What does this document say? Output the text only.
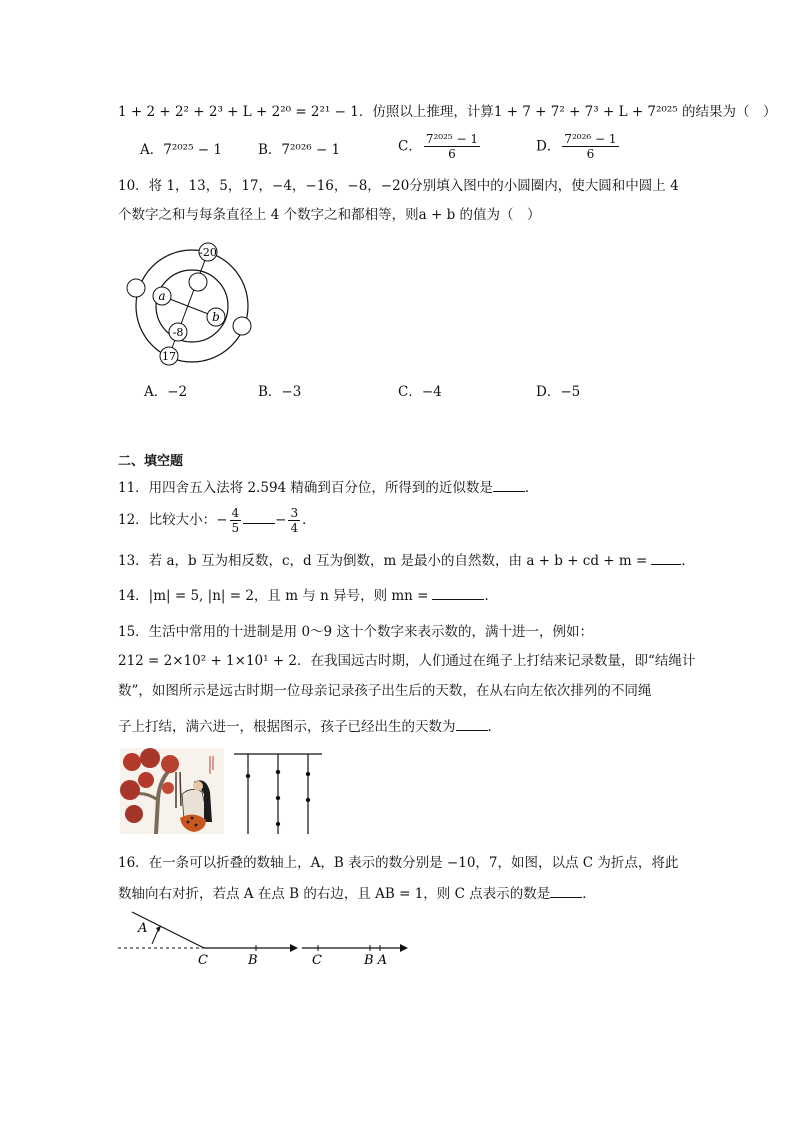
1 + 2 + 2² + 2³ + L + 2²⁰ = 2²¹ − 1．仿照以上推理，计算1 + 7 + 7² + 7³ + L + 7²⁰²⁵ 的结果为（　）
A．7²⁰²⁵ − 1	B．7²⁰²⁶ − 1	C． $\frac{\text{7²⁰²⁵ − 1}}{6}$	D． $\frac{\text{7²⁰²⁶ − 1}}{6}$
10．将 1，13，5，17，−4，−16，−8，−20分别填入图中的小圆圈内，使大圆和中圆上 4
个数字之和与每条直径上 4 个数字之和都相等，则a + b 的值为（　）
-20
a
b
-8
17
A．−2	B．−3	C．−4	D．−5
二、填空题
11．用四舍五入法将 2.594 精确到百分位，所得到的近似数是 ．
12．比较大小：− $\frac{4}{5}$	− $\frac{3}{4}$ ．
13．若 a，b 互为相反数，c，d 互为倒数，m 是最小的自然数，由 a + b + cd + m =	．
14．|m| = 5, |n| = 2，且 m 与 n 异号，则 mn =	．
15．生活中常用的十进制是用 0～9 这十个数字来表示数的，满十进一，例如：
212 = 2×10² + 1×10¹ + 2．在我国远古时期，人们通过在绳子上打结来记录数量，即“结绳计
数”，如图所示是远古时期一位母亲记录孩子出生后的天数，在从右向左依次排列的不同绳
子上打结，满六进一，根据图示，孩子已经出生的天数为 ．
16．在一条可以折叠的数轴上，A，B 表示的数分别是 −10，7，如图，以点 C 为折点，将此
数轴向右对折，若点 A 在点 B 的右边，且 AB = 1，则 C 点表示的数是 ．
A
C	B	C	B A
